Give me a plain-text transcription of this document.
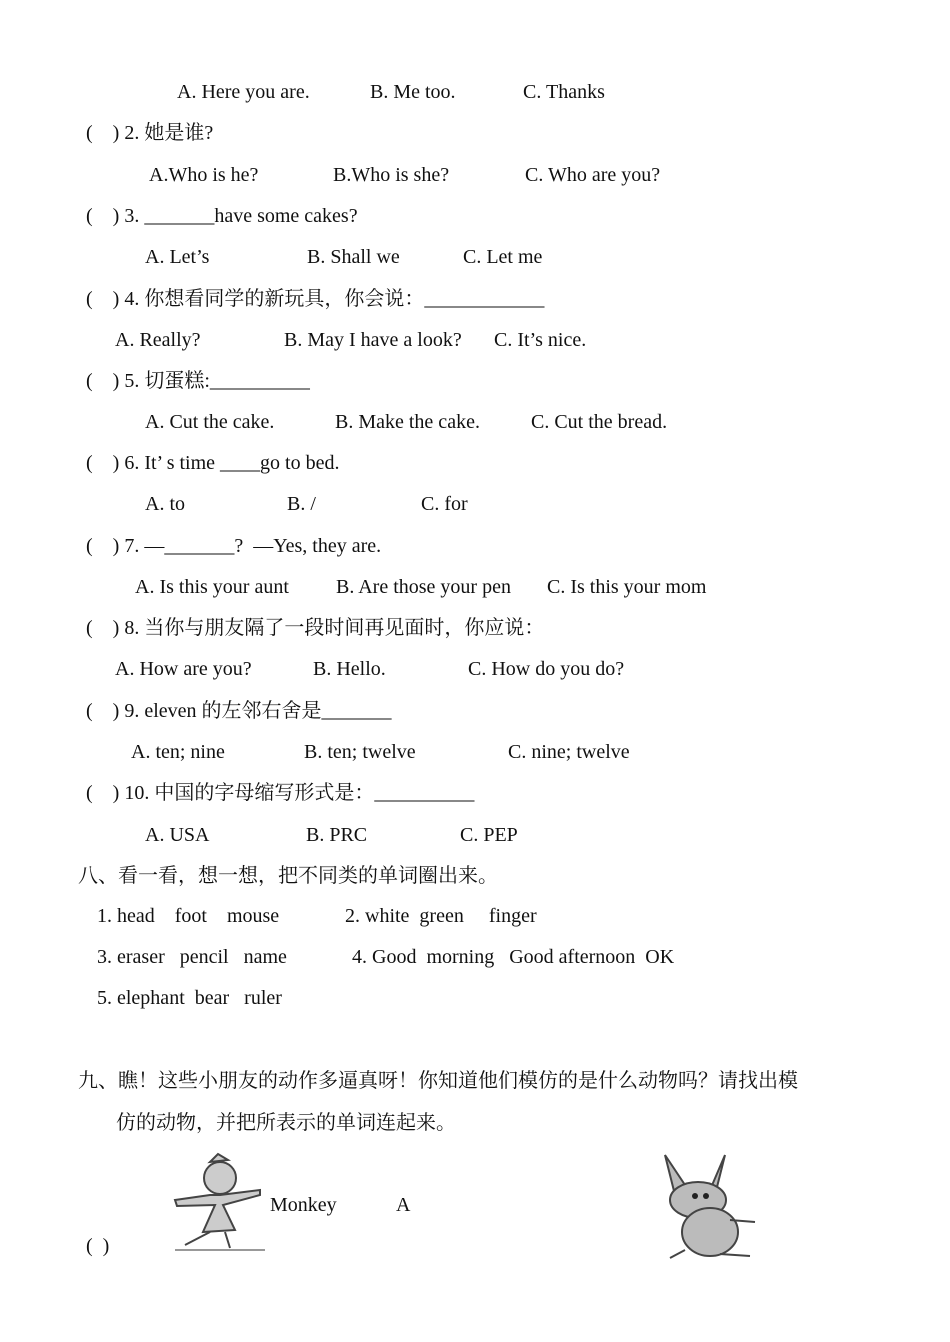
A. Here you are.	B. Me too.	C. Thanks
(    ) 2. 她是谁?
A.Who is he?	B.Who is she?	C. Who are you?
(    ) 3. _______have some cakes?
A. Let’s	B. Shall we	C. Let me
(    ) 4. 你想看同学的新玩具，你会说：____________
A. Really?	B. May I have a look? C. It’s nice.
(    ) 5. 切蛋糕:__________
A. Cut the cake.	B. Make the cake.	C. Cut the bread.
(    ) 6. It’ s time ____go to bed.
A. to	B. /	C. for
(    ) 7. —_______?  —Yes, they are.
A. Is this your aunt B. Are those your pen C. Is this your mom
(    ) 8. 当你与朋友隔了一段时间再见面时，你应说：
A. How are you?	B. Hello.	C. How do you do?
(    ) 9. eleven 的左邻右舍是_______
A. ten; nine	B. ten; twelve	C. nine; twelve
(    ) 10. 中国的字母缩写形式是：__________
A. USA	B. PRC	C. PEP
八、看一看，想一想，把不同类的单词圈出来。
1. head    foot    mouse	2. white  green     finger
3. eraser   pencil   name	4. Good  morning   Good afternoon  OK
5. elephant  bear   ruler
九、瞧！这些小朋友的动作多逼真呀！你知道他们模仿的是什么动物吗？请找出模
仿的动物，并把所表示的单词连起来。
Monkey	A
(  )
